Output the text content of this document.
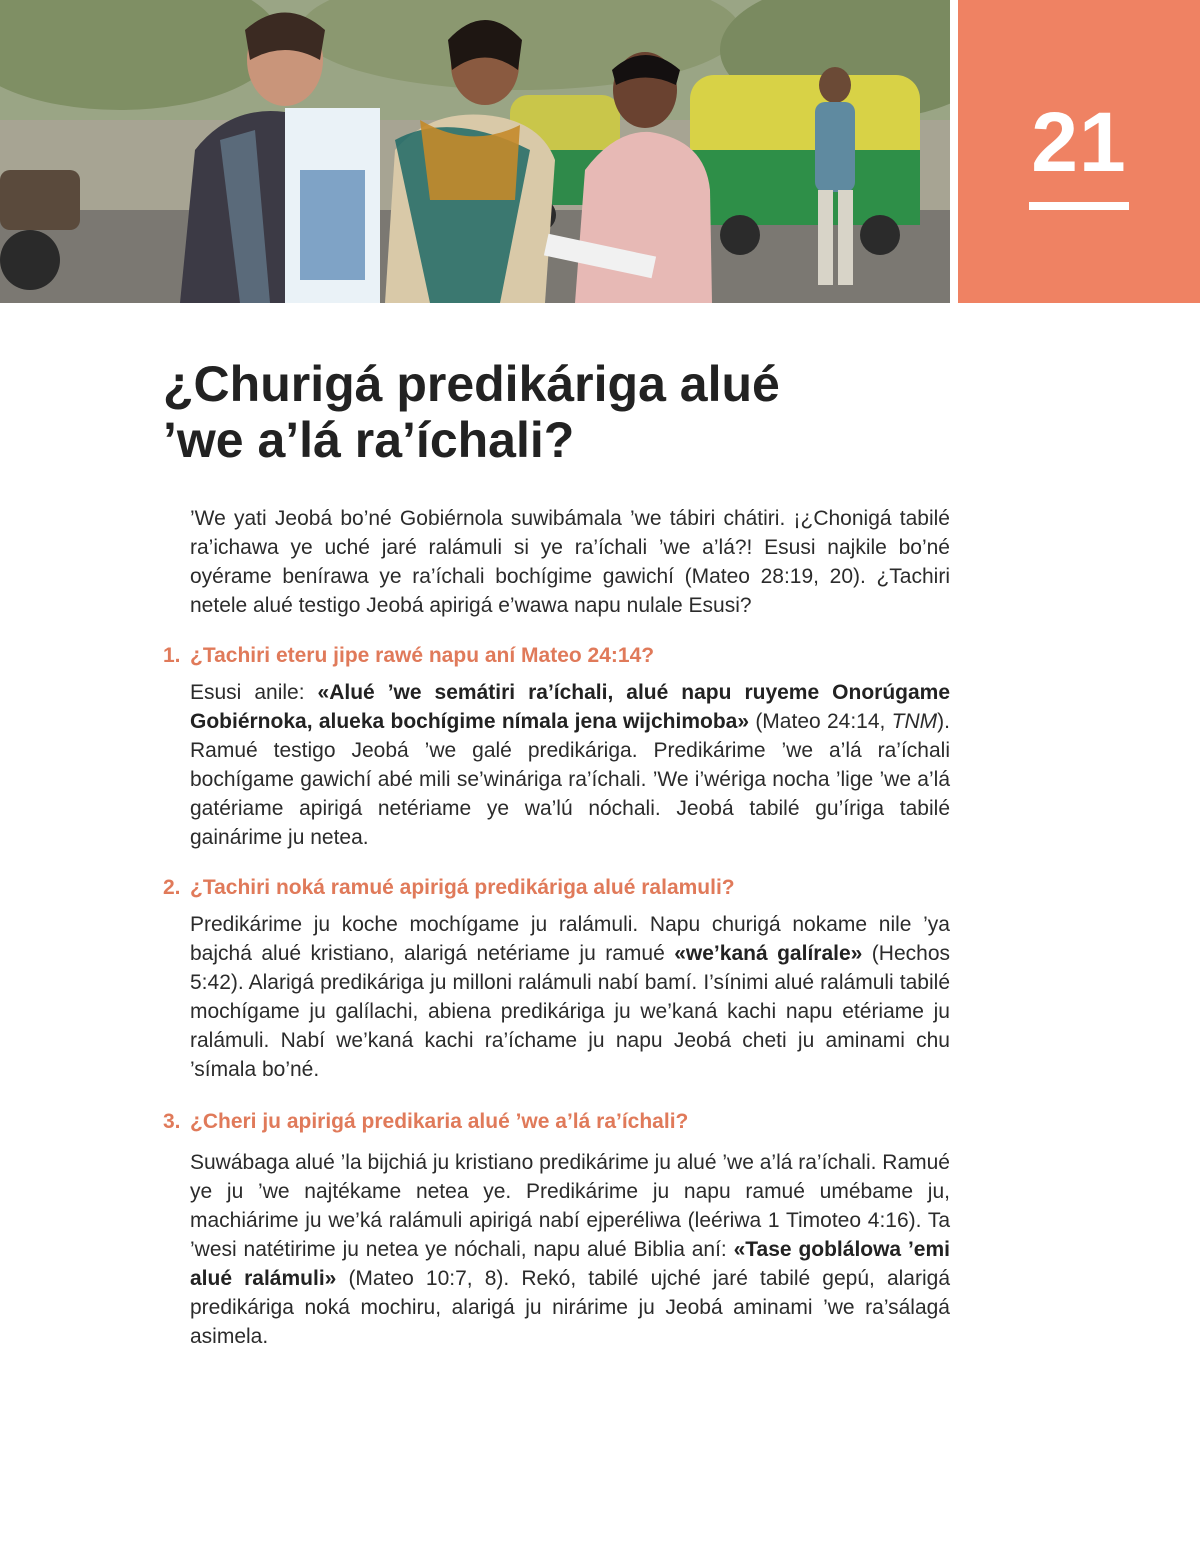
21
¿Churigá predikáriga alué
’we a’lá ra’íchali?

’We yati Jeobá bo’né Gobiérnola suwibámala ’we tábiri chátiri. ¡¿Chonigá tabilé ra’ichawa ye uché jaré ralámuli si ye ra’íchali ’we a’lá?! Esusi najkile bo’né oyérame benírawa ye ra’íchali bochígime gawichí (Mateo 28:19, 20). ¿Tachiri netele alué testigo Jeobá apirigá e’wawa napu nulale Esusi?

1. ¿Tachiri eteru jipe rawé napu aní Mateo 24:14?

Esusi anile: «Alué ’we semátiri ra’íchali, alué napu ruyeme Onorúgame Gobiérnoka, alueka bochígime nímala jena wijchimoba» (Mateo 24:14, TNM). Ramué testigo Jeobá ’we galé predikáriga. Predikárime ’we a’lá ra’íchali bochígame gawichí abé mili se’wináriga ra’íchali. ’We i’wériga nocha ’lige ’we a’lá gatériame apirigá netériame ye wa’lú nóchali. Jeobá tabilé gu’íriga tabilé gainárime ju netea.

2. ¿Tachiri noká ramué apirigá predikáriga alué ralamuli?

Predikárime ju koche mochígame ju ralámuli. Napu churigá nokame nile ’ya bajchá alué kristiano, alarigá netériame ju ramué «we’kaná galírale» (Hechos 5:42). Alarigá predikáriga ju milloni ralámuli nabí bamí. I’sínimi alué ralámuli tabilé mochígame ju galílachi, abiena predikáriga ju we’kaná kachi napu etériame ju ralámuli. Nabí we’kaná kachi ra’íchame ju napu Jeobá cheti ju aminami chu ’símala bo’né.

3. ¿Cheri ju apirigá predikaria alué ’we a’lá ra’íchali?

Suwábaga alué ’la bijchiá ju kristiano predikárime ju alué ’we a’lá ra’íchali. Ramué ye ju ’we najtékame netea ye. Predikárime ju napu ramué umébame ju, machiárime ju we’ká ralámuli apirigá nabí ejperéliwa (leériwa 1 Timoteo 4:16). Ta ’wesi natétirime ju netea ye nóchali, napu alué Biblia aní: «Tase goblálowa ’emi alué ralámuli» (Mateo 10:7, 8). Rekó, tabilé ujché jaré tabilé gepú, alarigá predikáriga noká mochiru, alarigá ju nirárime ju Jeobá aminami ’we ra’sálagá asimela.
